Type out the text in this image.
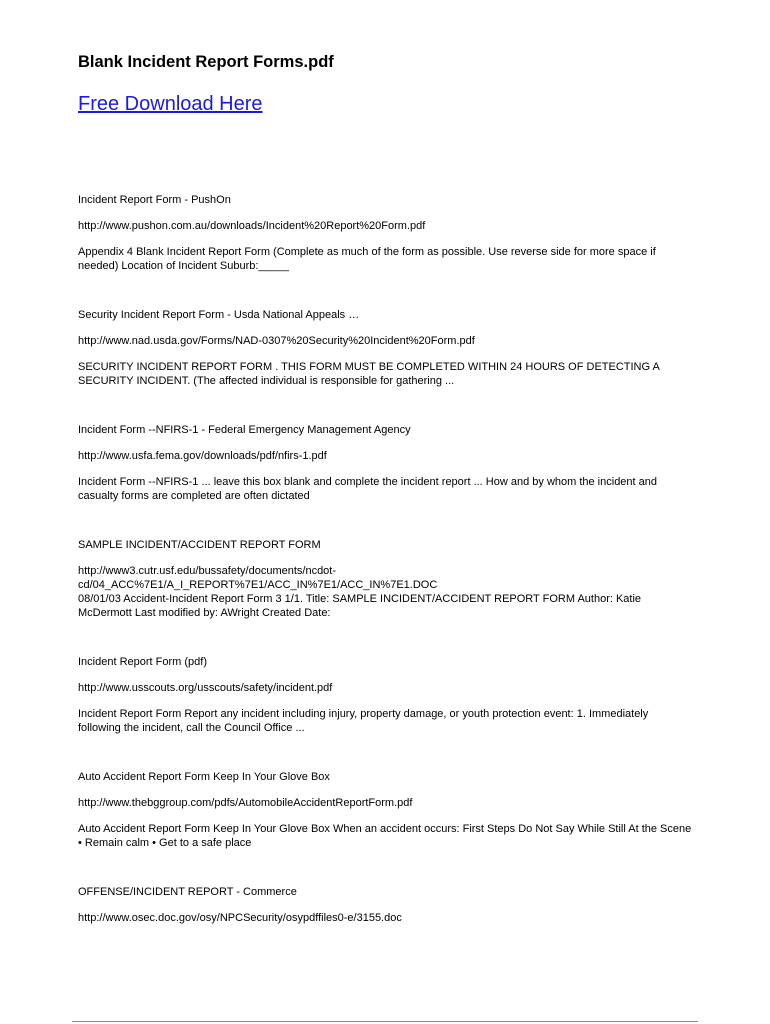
Blank Incident Report Forms.pdf
Free Download Here

Incident Report Form - PushOn

http://www.pushon.com.au/downloads/Incident%20Report%20Form.pdf

Appendix 4 Blank Incident Report Form (Complete as much of the form as possible. Use reverse side for more space if

needed) Location of Incident Suburb:_____

Security Incident Report Form - Usda National Appeals …

http://www.nad.usda.gov/Forms/NAD-0307%20Security%20Incident%20Form.pdf

SECURITY INCIDENT REPORT FORM . THIS FORM MUST BE COMPLETED WITHIN 24 HOURS OF DETECTING A

SECURITY INCIDENT. (The affected individual is responsible for gathering ...

Incident Form --NFIRS-1 - Federal Emergency Management Agency

http://www.usfa.fema.gov/downloads/pdf/nfirs-1.pdf

Incident Form --NFIRS-1 ... leave this box blank and complete the incident report ... How and by whom the incident and

casualty forms are completed are often dictated

SAMPLE INCIDENT/ACCIDENT REPORT FORM

http://www3.cutr.usf.edu/bussafety/documents/ncdot-

cd/04_ACC%7E1/A_I_REPORT%7E1/ACC_IN%7E1/ACC_IN%7E1.DOC

08/01/03 Accident-Incident Report Form 3 1/1. Title: SAMPLE INCIDENT/ACCIDENT REPORT FORM Author: Katie

McDermott Last modified by: AWright Created Date:

Incident Report Form (pdf)

http://www.usscouts.org/usscouts/safety/incident.pdf

Incident Report Form Report any incident including injury, property damage, or youth protection event: 1. Immediately

following the incident, call the Council Office ...

Auto Accident Report Form Keep In Your Glove Box

http://www.thebggroup.com/pdfs/AutomobileAccidentReportForm.pdf

Auto Accident Report Form Keep In Your Glove Box When an accident occurs: First Steps Do Not Say While Still At the Scene

• Remain calm • Get to a safe place

OFFENSE/INCIDENT REPORT - Commerce

http://www.osec.doc.gov/osy/NPCSecurity/osypdffiles0-e/3155.doc
